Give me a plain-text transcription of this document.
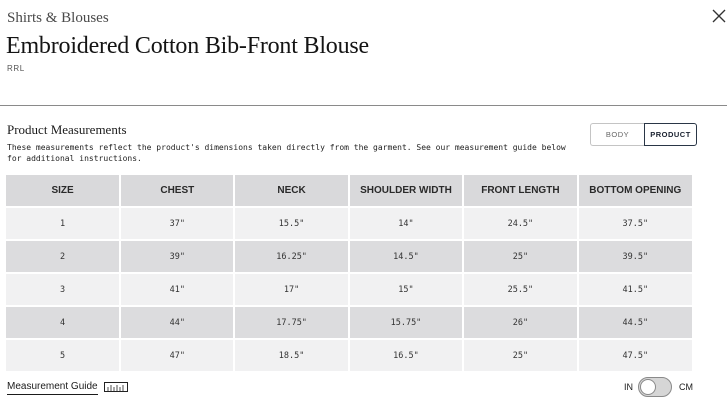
Shirts & Blouses
Embroidered Cotton Bib-Front Blouse
RRL
Product Measurements
These measurements reflect the product's dimensions taken directly from the garment. See our measurement guide below for additional instructions.
BODY	PRODUCT
SIZE	CHEST	NECK	SHOULDER WIDTH	FRONT LENGTH	BOTTOM OPENING
1	37"	15.5"	14"	24.5"	37.5"
2	39"	16.25"	14.5"	25"	39.5"
3	41"	17"	15"	25.5"	41.5"
4	44"	17.75"	15.75"	26"	44.5"
5	47"	18.5"	16.5"	25"	47.5"
Measurement Guide	IN	CM
